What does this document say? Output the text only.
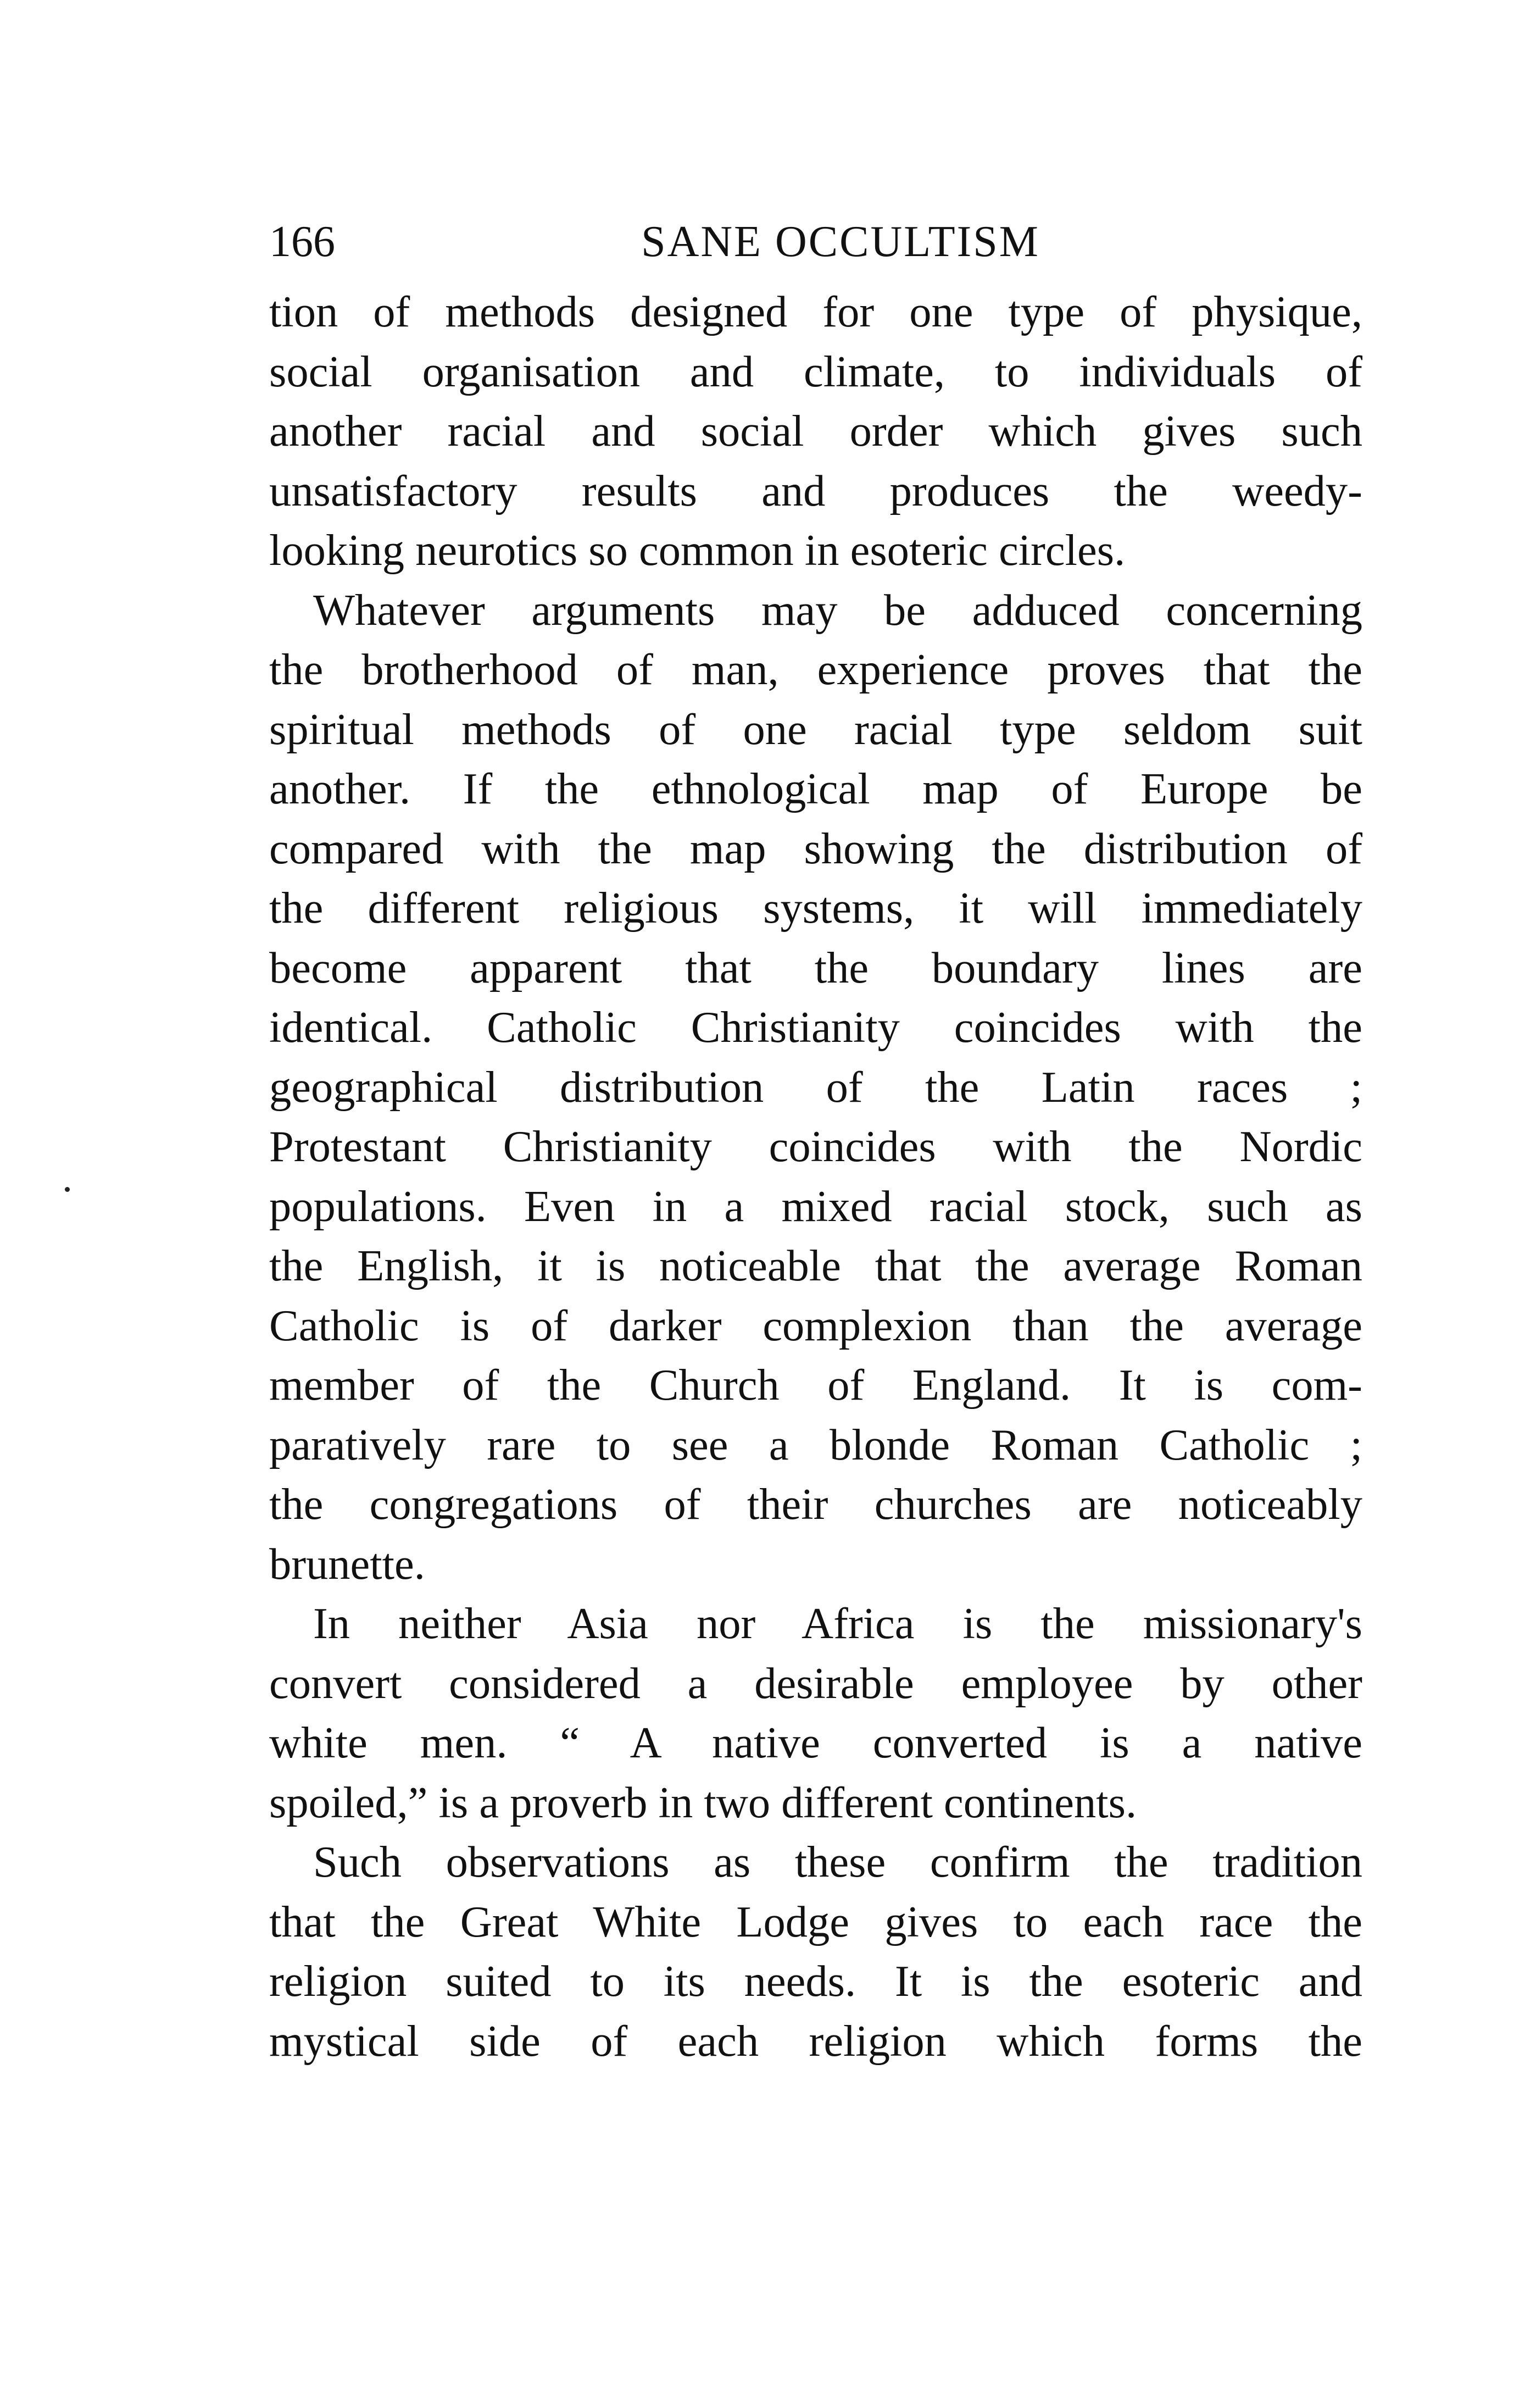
166	SANE OCCULTISM

tion of methods designed for one type of physique,
social organisation and climate, to individuals of
another racial and social order which gives such
unsatisfactory results and produces the weedy-
looking neurotics so common in esoteric circles.

Whatever arguments may be adduced concerning
the brotherhood of man, experience proves that the
spiritual methods of one racial type seldom suit
another. If the ethnological map of Europe be
compared with the map showing the distribution of
the different religious systems, it will immediately
become apparent that the boundary lines are
identical. Catholic Christianity coincides with the
geographical distribution of the Latin races ;
Protestant Christianity coincides with the Nordic
populations. Even in a mixed racial stock, such as
the English, it is noticeable that the average Roman
Catholic is of darker complexion than the average
member of the Church of England. It is com-
paratively rare to see a blonde Roman Catholic ;
the congregations of their churches are noticeably
brunette.

In neither Asia nor Africa is the missionary's
convert considered a desirable employee by other
white men. “ A native converted is a native
spoiled,” is a proverb in two different continents.

Such observations as these confirm the tradition
that the Great White Lodge gives to each race the
religion suited to its needs. It is the esoteric and
mystical side of each religion which forms the
